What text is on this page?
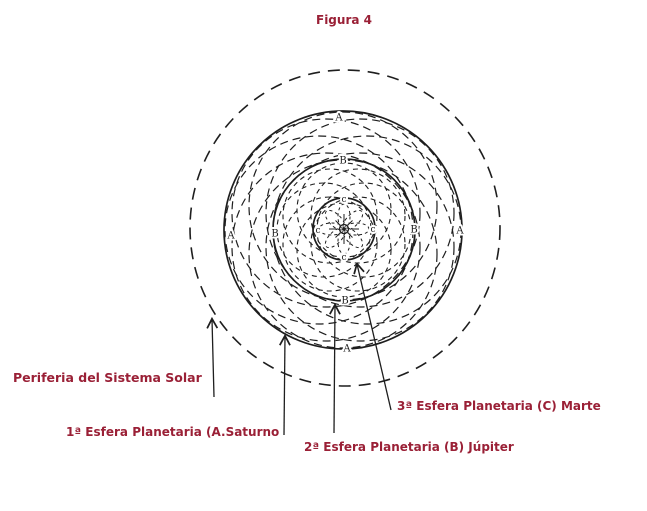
Figura 4
A
A	A
A
B
B	B
B
c
c	c
c
Periferia del Sistema Solar
1ª Esfera Planetaria (A.Saturno
3ª Esfera Planetaria (C) Marte
2ª Esfera Planetaria (B) Júpiter
